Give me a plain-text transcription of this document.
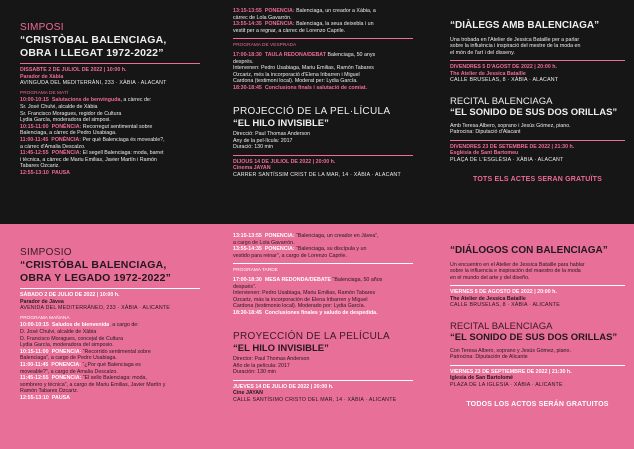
SIMPOSI
“CRISTÒBAL BALENCIAGA,
OBRA I LLEGAT 1972-2022”
DISSABTE 2 DE JULIOL DE 2022 | 10:00 h.
Parador de Xàbia
AVINGUDA DEL MEDITERRÀNI, 233 · XÀBIA · ALACANT
PROGRAMA DE MATÍ
10:00-10:15 Salutacions de benvinguda, a càrrec de:
Sr. José Chulvi, alcalde de Xàbia
Sr. Francisco Moragues, regidor de Cultura
Lydia García, moderadora del simposi.
10:15-11:00 PONÈNCIA: Recorregut sentimental sobre
Balenciaga, a càrrec de Pedro Usabiaga.
11:00-11:45 PONÈNCIA: Per què Balenciaga és moveable?,
a càrrec d'Amalia Descalzo.
11:45-12:55 PONÈNCIA: El segell Balenciaga: moda, barret
i tècnica, a càrrec de Mariu Emilias, Javier Martín i Ramón
Tabares Ozcariz.
12:55-13:10 PAUSA
13:15-13:55 PONÈNCIA: Balenciaga, un creador a Xàbia, a
càrrec de Lola Gavarrón.
13:55-14:35 PONÈNCIA: Balenciaga, la seua deixebla i un
vestit per a regnar, a càrrec de Lorenzo Caprile.
PROGRAMA DE VESPRADA
17:00-18:30 TAULA REDONA/DEBAT Balenciaga, 50 anys
després.
Intervenen: Pedro Usabiaga, Mariu Emilias, Ramón Tabares
Ozcariz, més la incorporació d'Elena Iribarren i Miguel
Cardona (testimoni local). Moderat per: Lydia García.
18:30-18:45 Conclusions finals i salutació de comiat.
PROJECCIÓ DE LA PEL·LÍCULA
“EL HILO INVISIBLE”
Direcció: Paul Thomas Anderson
Any de la pel·lícula: 2017
Duració: 130 min
DIJOUS 14 DE JULIOL DE 2022 | 20:00 h.
Cinema JAYAN
CARRER SANTÍSSIM CRIST DE LA MAR, 14 · XÀBIA · ALACANT
“DIÀLEGS AMB BALENCIAGA”
Una trobada en l'Atelier de Jessica Bataille per a parlar
sobre la influència i inspiració del mestre de la moda en
el món de l'art i del disseny.
DIVENDRES 5 D'AGOST DE 2022 | 20:00 h.
The Atelier de Jessica Bataille
CALLE BRUSELAS, 8 · XÀBIA · ALACANT
RECITAL BALENCIAGA
“EL SONIDO DE SUS DOS ORILLAS”
Amb Teresa Albero, soprano i Jesús Gómez, piano.
Patrocina: Diputació d'Alacant
DIVENDRES 23 DE SETEMBRE DE 2022 | 21:30 h.
Església de Sant Bartomeu
PLAÇA DE L'ESGLÉSIA · XÀBIA · ALACANT
TOTS ELS ACTES SERAN GRATUÏTS
SIMPOSIO
“CRISTÓBAL BALENCIAGA,
OBRA Y LEGADO 1972-2022”
SÁBADO 2 DE JULIO DE 2022 | 10:00 h.
Parador de Jávea
AVENIDA DEL MEDITERRÁNEO, 233 · XÀBIA · ALICANTE
PROGRAMA MAÑANA
10:00-10:15 Saludos de bienvenida, a cargo de:
D. José Chulvi, alcalde de Xàbia
D. Francisco Moragues, concejal de Cultura
Lydia García, moderadora del simposio.
10:15-11:00 PONENCIA: “Recorrido sentimental sobre
Balenciaga”, a cargo de Pedro Usabiaga.
11:00-11:45 PONENCIA: “¿Por qué Balenciaga es
moveable?”, a cargo de Amalia Descalzo.
11:45-12:55 PONENCIA: “El sello Balenciaga: moda,
sombrero y técnica”, a cargo de Mariu Emilias, Javier Martín y
Ramón Tabares Ozcariz.
12:55-13:10 PAUSA
13:15-13:55 PONENCIA: “Balenciaga, un creador en Jávea”,
a cargo de Lola Gavarrón.
13:55-14:35 PONENCIA: “Balenciaga, su discípula y un
vestido para reinar”, a cargo de Lorenzo Caprile.
PROGRAMA TARDE
17:00-18:30 MESA REDONDA/DEBATE “Balenciaga, 50 años
después”.
Intervienen: Pedro Usabiaga, Mariu Emilias, Ramón Tabares
Ozcariz, más la incorporación de Elena Iribarren y Miguel
Cardona (testimonio local). Moderado por: Lydia García.
18:30-18:45 Conclusiones finales y saludo de despedida.
PROYECCIÓN DE LA PELÍCULA
“EL HILO INVISIBLE”
Director: Paul Thomas Anderson
Año de la película: 2017
Duración: 130 min
JUEVES 14 DE JULIO DE 2022 | 20:00 h.
Cine JAYAN
CALLE SANTÍSIMO CRISTO DEL MAR, 14 · XÀBIA · ALICANTE
“DIÁLOGOS CON BALENCIAGA”
Un encuentro en el Atelier de Jessica Bataille para hablar
sobre la influencia e inspiración del maestro de la moda
en el mundo del arte y del diseño.
VIERNES 5 DE AGOSTO DE 2022 | 20:00 h.
The Atelier de Jessica Bataille
CALLE BRUSELAS, 8 · XÀBIA · ALICANTE
RECITAL BALENCIAGA
“EL SONIDO DE SUS DOS ORILLAS”
Con Teresa Albero, soprano y Jesús Gómez, piano.
Patrocina: Diputación de Alicante
VIERNES 23 DE SEPTIEMBRE DE 2022 | 21:30 h.
Iglesia de San Bartolomé
PLAZA DE LA IGLESIA · XÀBIA · ALICANTE
TODOS LOS ACTOS SERÁN GRATUITOS
